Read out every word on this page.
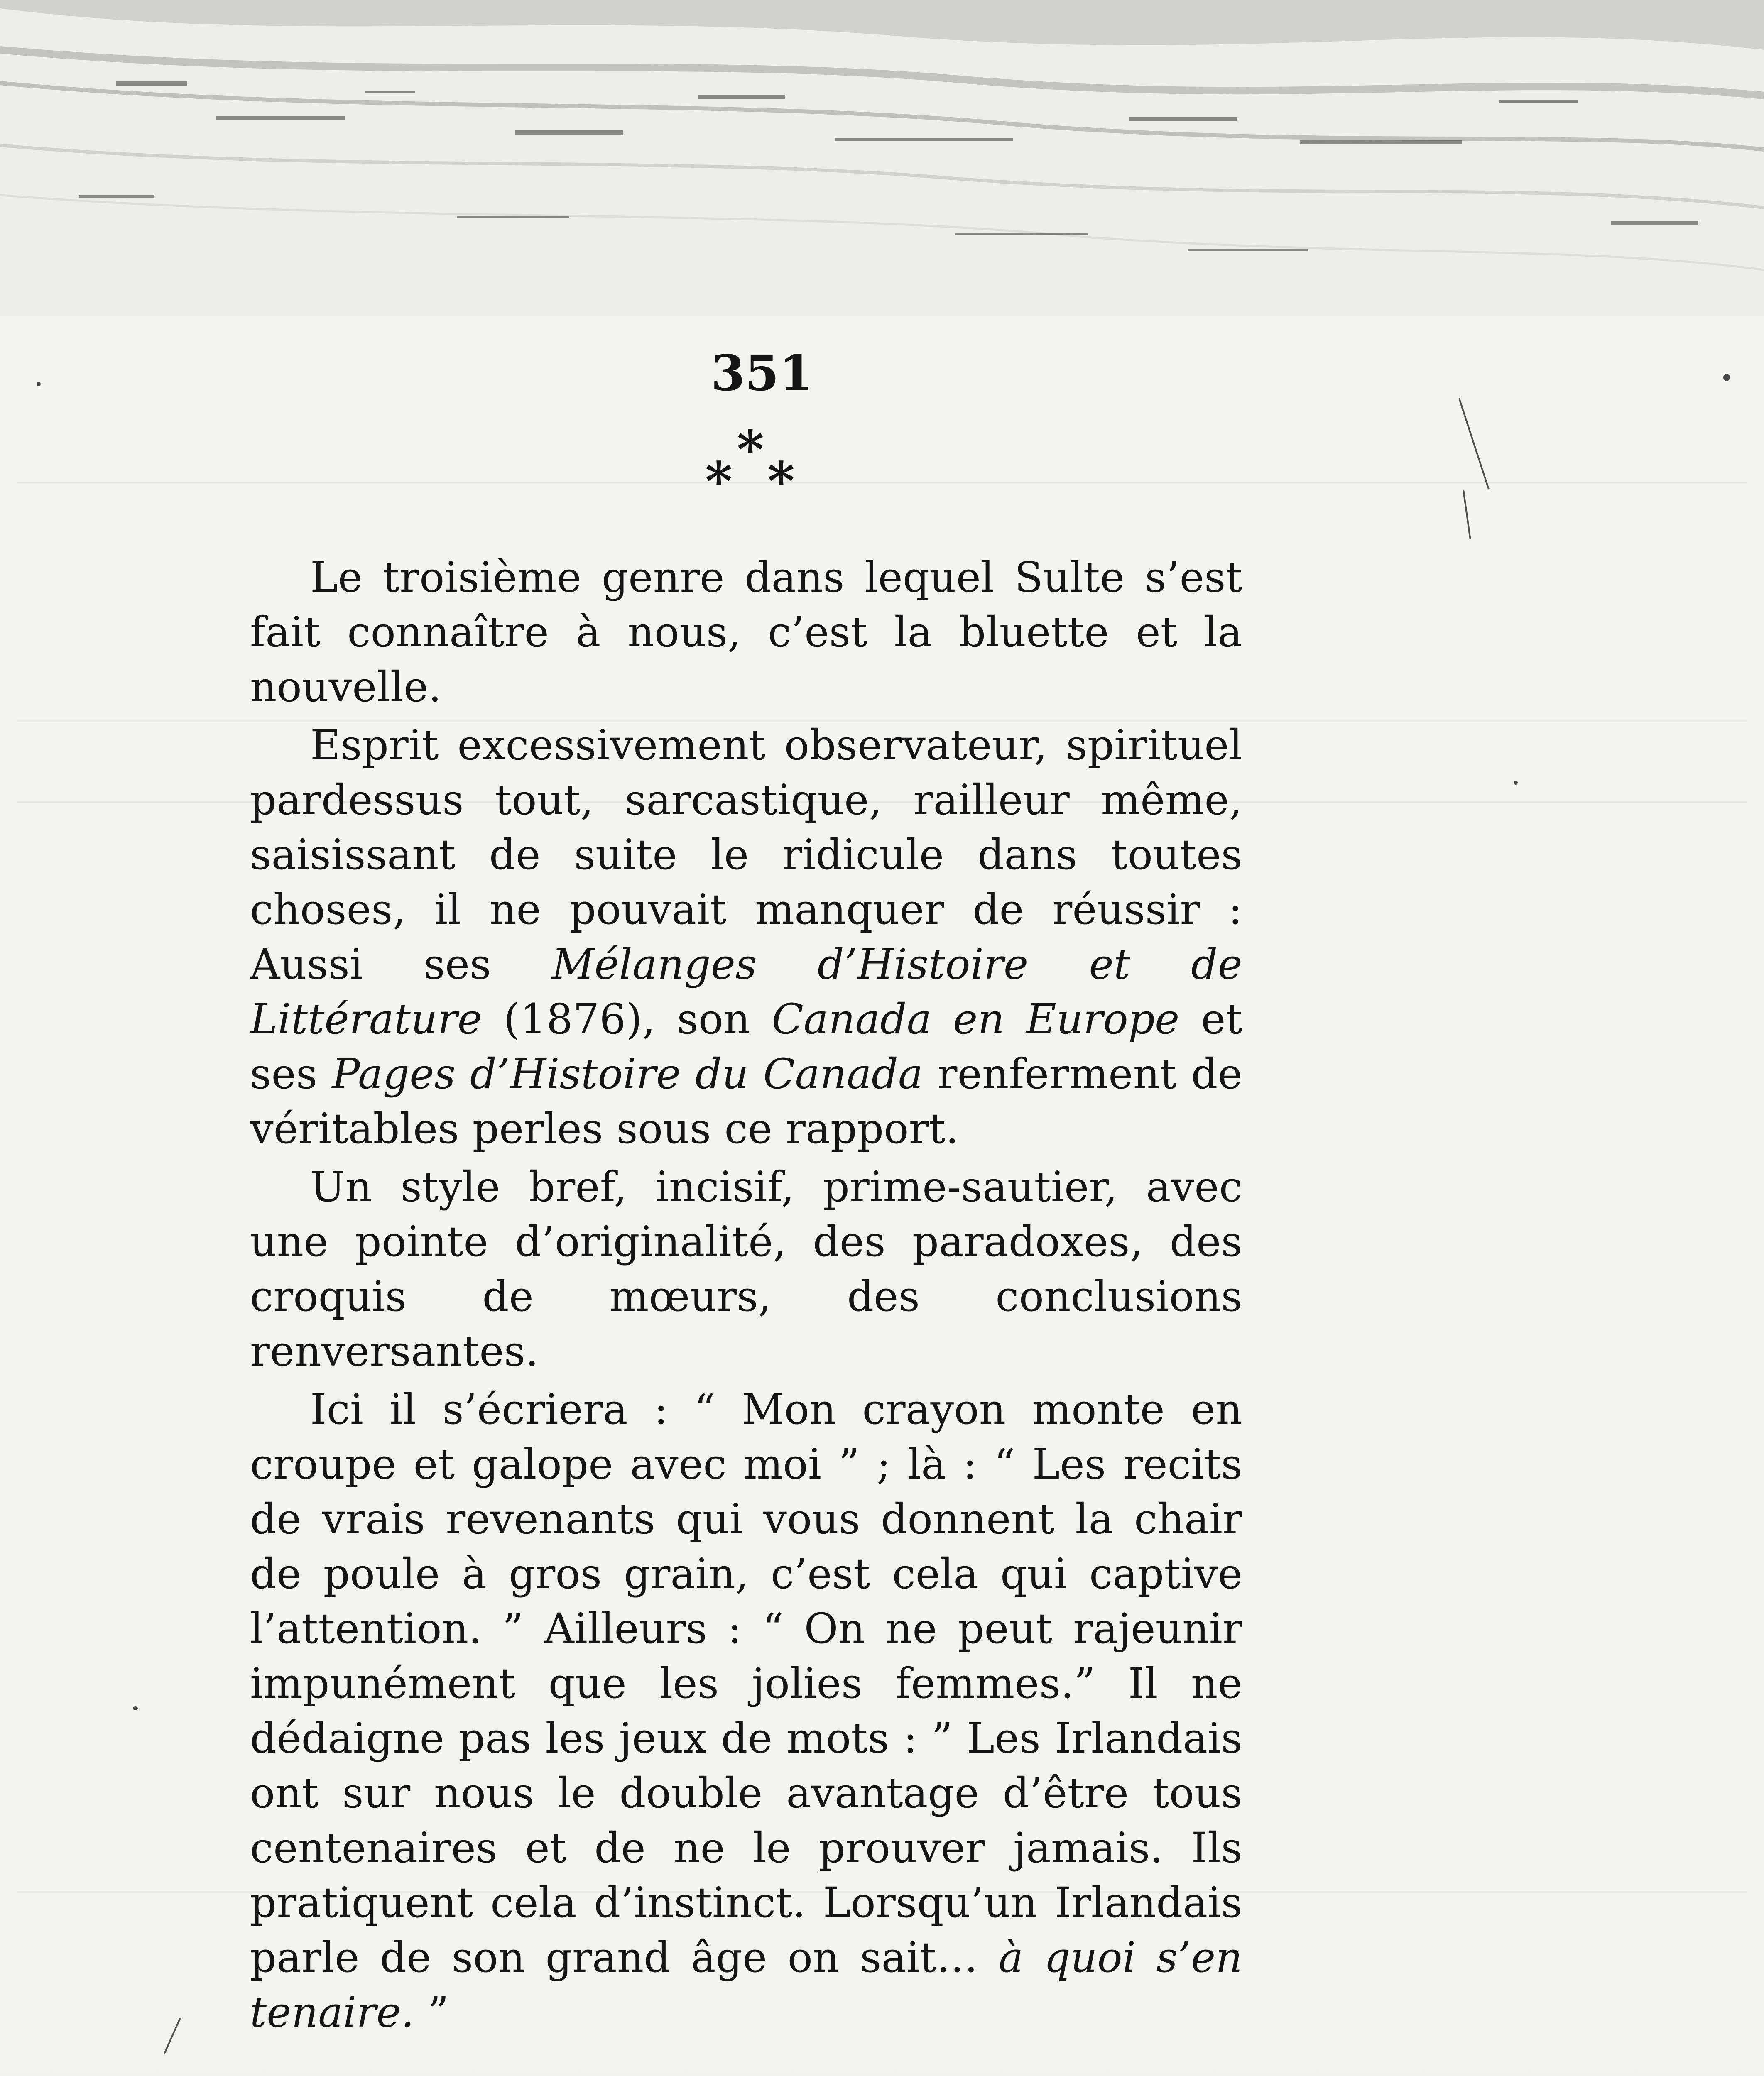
351
*
*
*

Le troisième genre dans lequel Sulte s’est fait connaître à nous, c’est la bluette et la nouvelle.

Esprit excessivement observateur, spirituel pardessus tout, sarcastique, railleur même, saisissant de suite le ridicule dans toutes choses, il ne pouvait manquer de réussir : Aussi ses Mélanges d’Histoire et de Littérature (1876), son Canada en Europe et ses Pages d’Histoire du Canada renferment de véritables perles sous ce rapport.

Un style bref, incisif, prime-sautier, avec une pointe d’originalité, des paradoxes, des croquis de mœurs, des conclusions renversantes.

Ici il s’écriera : “ Mon crayon monte en croupe et galope avec moi ” ; là : “ Les recits de vrais revenants qui vous donnent la chair de poule à gros grain, c’est cela qui captive l’attention. ” Ailleurs : “ On ne peut rajeunir impunément que les jolies femmes.” Il ne dédaigne pas les jeux de mots : ” Les Irlandais ont sur nous le double avantage d’être tous centenaires et de ne le prouver jamais. Ils pratiquent cela d’instinct. Lorsqu’un Irlandais parle de son grand âge on sait… à quoi s’en tenaire. ”
